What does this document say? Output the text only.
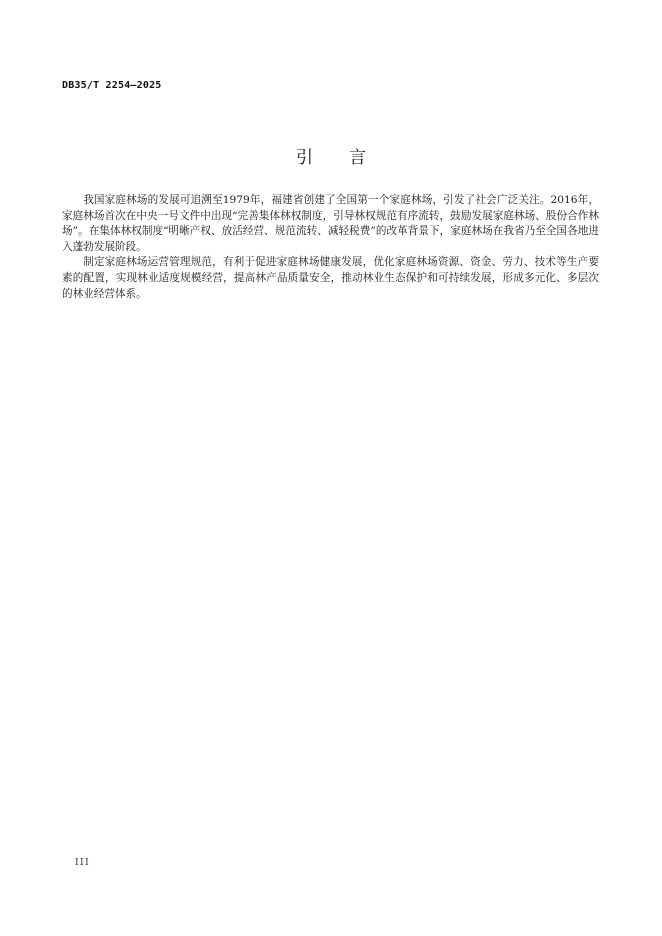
DB35/T 2254—2025
引言

我国家庭林场的发展可追溯至1979年，福建省创建了全国第一个家庭林场，引发了社会广泛关注。2016年，家庭林场首次在中央一号文件中出现“完善集体林权制度，引导林权规范有序流转，鼓励发展家庭林场、股份合作林场”。在集体林权制度“明晰产权、放活经营、规范流转、减轻税费”的改革背景下，家庭林场在我省乃至全国各地进入蓬勃发展阶段。

制定家庭林场运营管理规范，有利于促进家庭林场健康发展，优化家庭林场资源、资金、劳力、技术等生产要素的配置，实现林业适度规模经营，提高林产品质量安全，推动林业生态保护和可持续发展，形成多元化、多层次的林业经营体系。

III
